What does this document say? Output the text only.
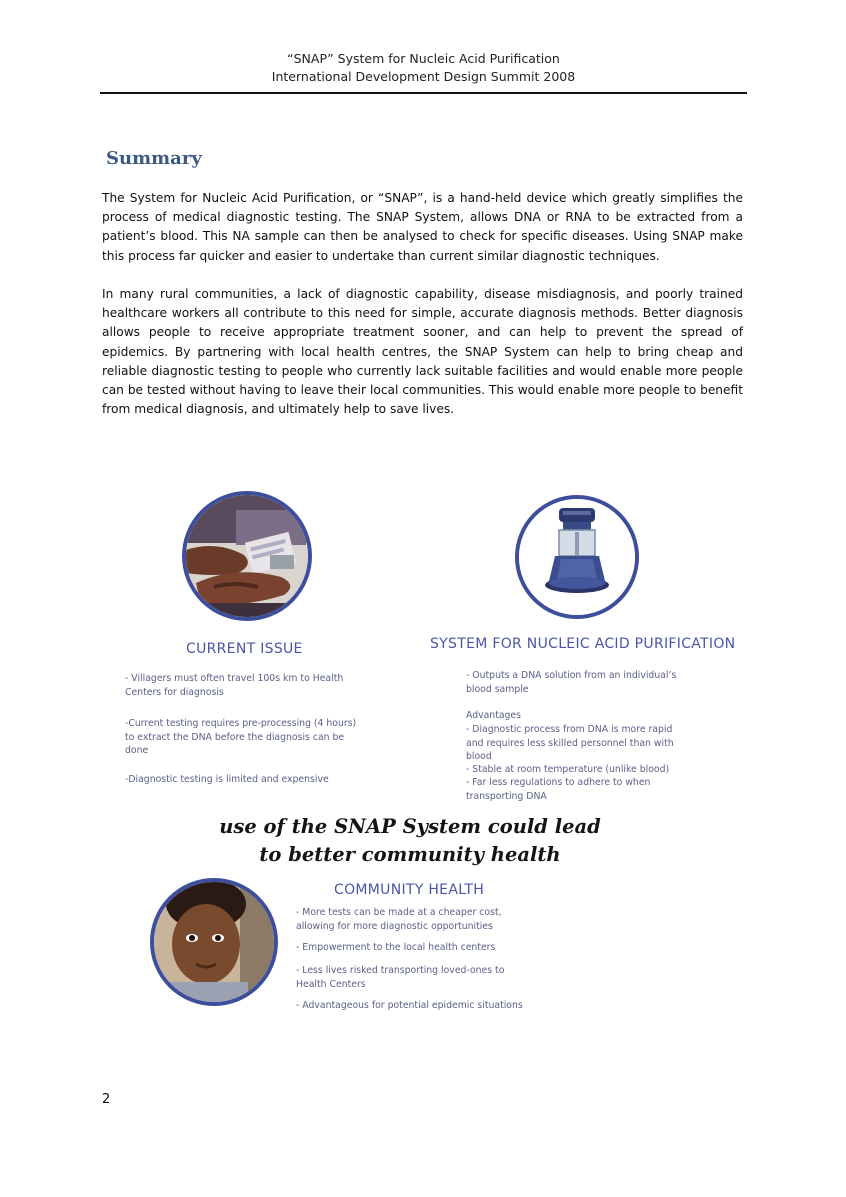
“SNAP” System for Nucleic Acid Purification
International Development Design Summit 2008
Summary

The System for Nucleic Acid Purification, or “SNAP”, is a hand-held device which greatly simplifies the process of medical diagnostic testing. The SNAP System, allows DNA or RNA to be extracted from a patient’s blood. This NA sample can then be analysed to check for specific diseases. Using SNAP make this process far quicker and easier to undertake than current similar diagnostic techniques.

In many rural communities, a lack of diagnostic capability, disease misdiagnosis, and poorly trained healthcare workers all contribute to this need for simple, accurate diagnosis methods. Better diagnosis allows people to receive appropriate treatment sooner, and can help to prevent the spread of epidemics. By partnering with local health centres, the SNAP System can help to bring cheap and reliable diagnostic testing to people who currently lack suitable facilities and would enable more people can be tested without having to leave their local communities. This would enable more people to benefit from medical diagnosis, and ultimately help to save lives.

CURRENT ISSUE	SYSTEM FOR NUCLEIC ACID PURIFICATION
- Villagers must often travel 100s km to Health Centers for diagnosis
-Current testing requires pre-processing (4 hours) to extract the DNA before the diagnosis can be done
-Diagnostic testing is limited and expensive
- Outputs a DNA solution from an individual’s blood sample
Advantages
- Diagnostic process from DNA is more rapid and requires less skilled personnel than with blood
- Stable at room temperature (unlike blood)
- Far less regulations to adhere to when transporting DNA
use of the SNAP System could lead
to better community health
COMMUNITY HEALTH
- More tests can be made at a cheaper cost, allowing for more diagnostic opportunities
- Empowerment to the local health centers
- Less lives risked transporting loved-ones to Health Centers
- Advantageous for potential epidemic situations
2
